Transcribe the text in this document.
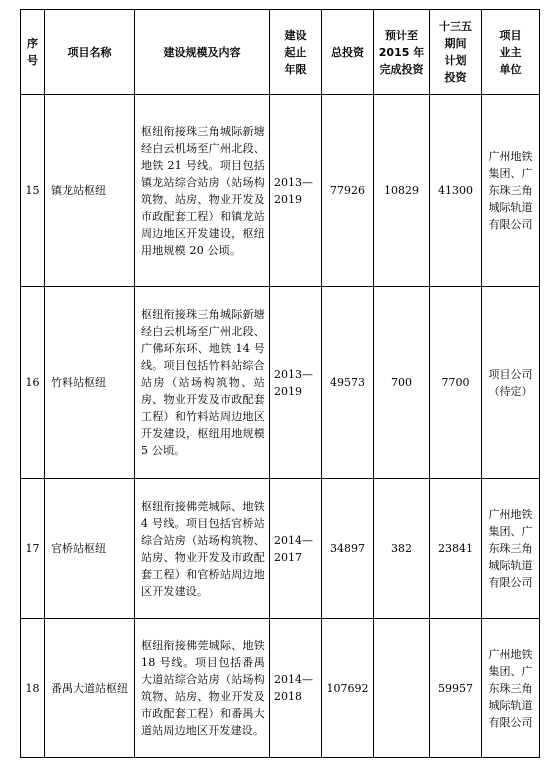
序
号	项目名称	建设规模及内容	建设
起止
年限	总投资	预计至
2015 年
完成投资	十三五
期间
计划
投资	项目
业主
单位
15	镇龙站枢纽	枢纽衔接珠三角城际新塘经白云机场至广州北段、地铁 21 号线。项目包括镇龙站综合站房（站场构筑物、站房、物业开发及市政配套工程）和镇龙站周边地区开发建设，枢纽用地规模 20 公顷。	2013—
2019	77926	10829	41300	广州地铁集团、广东珠三角城际轨道有限公司
16	竹料站枢纽	枢纽衔接珠三角城际新塘经白云机场至广州北段、广佛环东环、地铁 14 号线。项目包括竹料站综合站房（站场构筑物、站房、物业开发及市政配套工程）和竹料站周边地区开发建设，枢纽用地规模 5 公顷。	2013—
2019	49573	700	7700	项目公司（待定）
17	官桥站枢纽	枢纽衔接佛莞城际、地铁 4 号线。项目包括官桥站综合站房（站场构筑物、站房、物业开发及市政配套工程）和官桥站周边地区开发建设。	2014—
2017	34897	382	23841	广州地铁集团、广东珠三角城际轨道有限公司
18	番禺大道站枢纽	枢纽衔接佛莞城际、地铁 18 号线。项目包括番禺大道站综合站房（站场构筑物、站房、物业开发及市政配套工程）和番禺大道站周边地区开发建设。	2014—
2018	107692		59957	广州地铁集团、广东珠三角城际轨道有限公司
